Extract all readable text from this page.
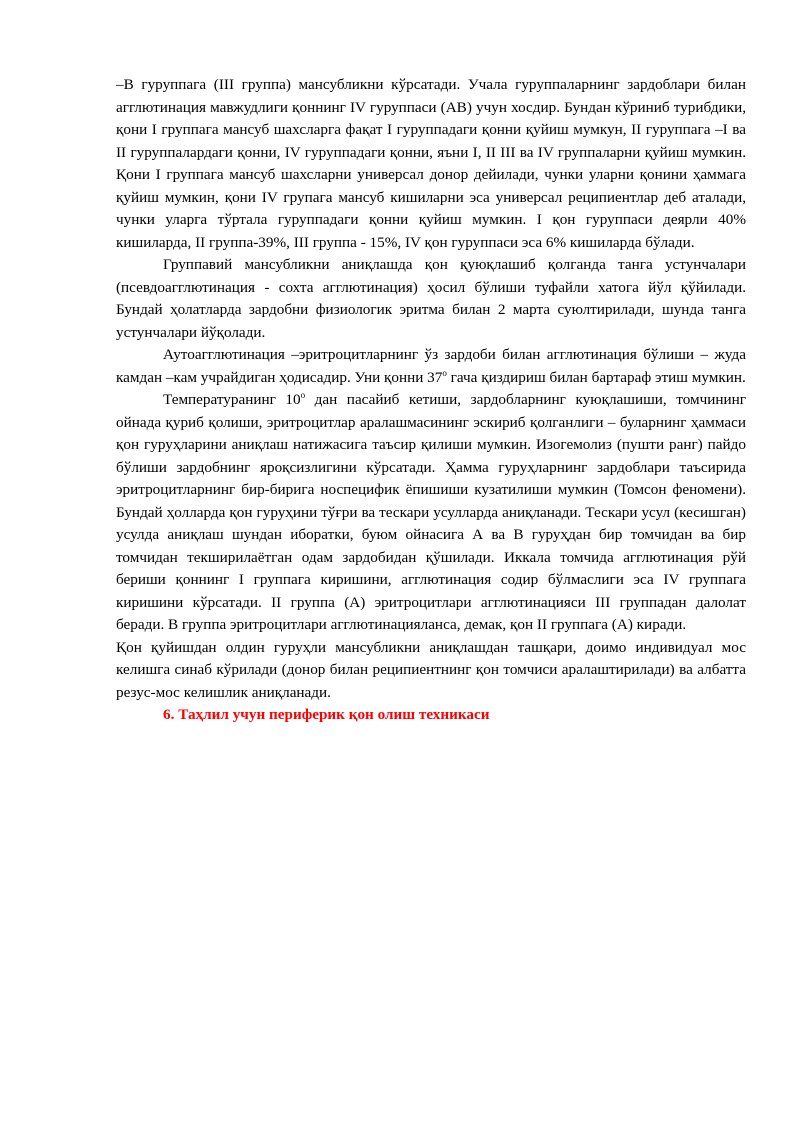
–В гуруппага (III группа) мансубликни кўрсатади. Учала гуруппаларнинг зардоблари билан агглютинация мавжудлиги қоннинг IV гуруппаси (АВ) учун хосдир. Бундан кўриниб турибдики, қони I группага мансуб шахсларга фақат I гуруппадаги қонни қуйиш мумкун, II гуруппага –I ва II гуруппалардаги қонни, IV гуруппадаги қонни, яъни I, II III ва IV группаларни қуйиш мумкин. Қони I группага мансуб шахсларни универсал донор дейилади, чунки уларни қонини ҳаммага қуйиш мумкин, қони IV групага мансуб кишиларни эса универсал реципиентлар деб аталади, чунки уларга тўртала гуруппадаги қонни қуйиш мумкин. I қон гуруппаси деярли 40% кишиларда, II группа-39%, III группа - 15%, IV қон гуруппаси эса 6% кишиларда бўлади.

Группавий мансубликни аниқлашда қон қуюқлашиб қолганда танга устунчалари (псевдоагглютинация - сохта агглютинация) ҳосил бўлиши туфайли хатога йўл қўйилади. Бундай ҳолатларда зардобни физиологик эритма билан 2 марта суюлтирилади, шунда танга устунчалари йўқолади.

Аутоагглютинация –эритроцитларнинг ўз зардоби билан агглютинация бўлиши – жуда камдан –кам учрайдиган ҳодисадир. Уни қонни $37^о$ гача қиздириш билан бартараф этиш мумкин.

Температуранинг $10^о$ дан пасайиб кетиши, зардобларнинг куюқлашиши, томчининг ойнада қуриб қолиши, эритроцитлар аралашмасининг эскириб қолганлиги – буларнинг ҳаммаси қон гуруҳларини аниқлаш натижасига таъсир қилиши мумкин. Изогемолиз (пушти ранг) пайдо бўлиши зардобнинг яроқсизлигини кўрсатади. Ҳамма гуруҳларнинг зардоблари таъсирида эритроцитларнинг бир-бирига носпецифик ёпишиши кузатилиши мумкин (Томсон феномени). Бундай ҳолларда қон гуруҳини тўғри ва тескари усулларда аниқланади. Тескари усул (кесишган) усулда аниқлаш шундан иборатки, буюм ойнасига А ва В гуруҳдан бир томчидан ва бир томчидан текширилаётган одам зардобидан қўшилади. Иккала томчида агглютинация рўй бериши қоннинг I группага киришини, агглютинация содир бўлмаслиги эса IV группага киришини кўрсатади. II группа (А) эритроцитлари агглютинацияси III группадан далолат беради. В группа эритроцитлари агглютинацияланса, демак, қон II группага (А) киради.

Қон қуйишдан олдин гуруҳли мансубликни аниқлашдан ташқари, доимо индивидуал мос келишга синаб кўрилади (донор билан реципиентнинг қон томчиси аралаштирилади) ва албатта резус-мос келишлик аниқланади.

6. Таҳлил учун периферик қон олиш техникаси
